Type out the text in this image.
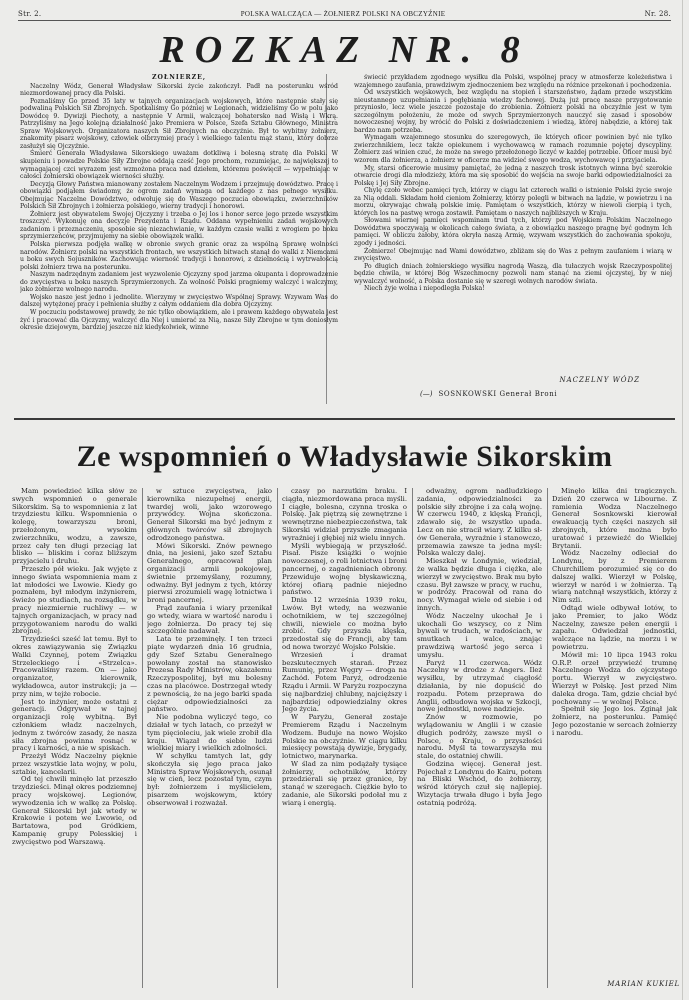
Str. 2.	POLSKA WALCZĄCA — ŻOŁNIERZ POLSKI NA OBCZYŹNIE	Nr. 28.
ROZKAZ NR. 8

ŻOŁNIERZE,

Naczelny Wódz, Generał Władysław Sikorski życie zakończył. Padł na posterunku wśród niezmordowanej pracy dla Polski.

Poznaliśmy Go przed 35 laty w tajnych organizacjach wojskowych, które następnie stały się podwaliną Polskich Sił Zbrojnych. Spotkaliśmy Go później w Legionach, widzieliśmy Go w polu jako Dowódcę 9. Dywizji Piechoty, a następnie V Armii, walczącej bohatersko nad Wisłą i Wkrą. Patrzyliśmy na Jego kolejną działalność jako Premiera w Polsce, Szefa Sztabu Głównego, Ministra Spraw Wojskowych. Organizatora naszych Sił Zbrojnych na obczyźnie. Był to wybitny żołnierz, znakomity pisarz wojskowy, człowiek olbrzymiej pracy i wielkiego talentu mąż stanu, który dobrze zasłużył się Ojczyźnie.

Śmierć Generała Władysława Sikorskiego uważam dotkliwą i bolesną stratę dla Polski. W skupieniu i powadze Polskie Siły Zbrojne oddają cześć Jego prochom, rozumiejąc, że największej to wymagającej czci wyrazem jest wzmożona praca nad dziełem, któremu poświęcił — wypełniając w całości żołnierski obowiązek wierności służby.

Decyzją Głowy Państwa mianowany zostałem Naczelnym Wodzem i przejmuję dowództwo. Pracę i obowiązki podjąłem świadomy, że ogrom zadań wymaga od każdego z nas pełnego wysiłku. Obejmując Naczelne Dowództwo, odwołuję się do Waszego poczucia obowiązku, zwierzchników Polskich Sił Zbrojnych i żołnierza polskiego, wierny tradycji i honorowi.

Żołnierz jest obywatelem Swojej Ojczyzny i trzeba o Jej los i honor serce jego przede wszystkim troszczyć. Wykonuję ona decyzje Prezydenta i Rządu. Oddana wypełnieniu zadań wojskowych zadaniom i przeznaczeniu, sposobie się niezachwianie, w każdym czasie walki z wrogiem po boku sprzymierzeńców, przyjmujemy na siebie obowiązek walki.

Polska pierwsza podjęła walkę w obronie swych granic oraz za wspólną Sprawę wolności narodów. Żołnierz polski na wszystkich frontach, we wszystkich bitwach stanął do walki z Niemcami u boku swych Sojuszników. Zachowując wierność tradycji i honorowi, z dzielnością i wytrwałością polski żołnierz trwa na posterunku.

Naszym nadrzędnym zadaniem jest wyzwolenie Ojczyzny spod jarzma okupanta i doprowadzenie do zwycięstwa u boku naszych Sprzymierzonych. Za wolność Polski pragniemy walczyć i walczymy, jako żołnierze wolnego narodu.

Wojsko nasze jest jedno i jednolite. Wierzymy w zwycięstwo Wspólnej Sprawy. Wzywam Was do dalszej wytężonej pracy i pełnienia służby z całym oddaniem dla dobra Ojczyzny.

W poczuciu podstawowej prawdy, że nic tylko obowiązkiem, ale i prawem każdego obywatela jest żyć i pracować dla Ojczyzny, walczyć dla Niej i umierać za Nią, nasze Siły Zbrojne w tym doniosłym okresie dziejowym, bardziej jeszcze niż kiedykolwiek, winne

świecić przykładem zgodnego wysiłku dla Polski, wspólnej pracy w atmosferze koleżeństwa i wzajemnego zaufania, prawdziwym zjednoczeniem bez względu na różnice przekonań i pochodzenia.

Od wszystkich wojskowych, bez względu na stopień i starszeństwo, żądam przede wszystkim nieustannego uzupełniania i pogłębiania wiedzy fachowej. Dużą już pracę nasze przygotowanie przyniosło, lecz wiele jeszcze pozostaje do zrobienia. Żołnierz polski na obczyźnie jest w tym szczególnym położeniu, że może od swych Sprzymierzonych nauczyć się zasad i sposobów nowoczesnej wojny, by wrócić do Polski z doświadczeniem i wiedzą, której nabędzie, a której tak bardzo nam potrzeba.

Wymagam wzajemnego stosunku do szeregowych, ile których oficer powinien być nie tylko zwierzchnikiem, lecz także opiekunem i wychowawcą w ramach rozumnie pojętej dyscypliny. Żołnierz zaś winien czuć, że może na swego przełożonego liczyć w każdej potrzebie. Oficer musi być wzorem dla żołnierza, a żołnierz w oficerze ma widzieć swego wodza, wychowawcę i przyjaciela.

My, starsi oficerowie musimy pamiętać, że jedną z naszych trosk istotnych winna być szerokie otwarcie drogi dla młodzieży, która ma się sposobić do wejścia na swoje barki odpowiedzialności za Polskę i Jej Siły Zbrojne.

Chylę czoło wobec pamięci tych, którzy w ciągu lat czterech walki o istnienie Polski życie swoje za Nią oddali. Składam hołd cieniom Żołnierzy, którzy polegli w bitwach na lądzie, w powietrzu i na morzu, okrywając chwałą polskie imię. Pamiętam o wszystkich, którzy w niewoli cierpią i tych, których los na pastwę wroga zostawił. Pamiętam o naszych najbliższych w Kraju.

Słowami wiernej pamięci wspominam trud tych, którzy pod Wojskiem Polskim Naczelnego Dowództwa spoczywają w okolicach całego świata, a z obowiązku naszego pragnę być godnym Ich pamięci. W obliczu żałoby, która okryła naszą Armię, wzywam wszystkich do zachowania spokoju, zgody i jedności.

Żołnierze! Obejmując nad Wami dowództwo, zbliżam się do Was z pełnym zaufaniem i wiarą w zwycięstwo.

Po długich dniach żołnierskiego wysiłku nagrodą Waszą, dla tułaczych wojsk Rzeczypospolitej będzie chwila, w której Bóg Wszechmocny pozwoli nam stanąć na ziemi ojczystej, by w niej wywalczyć wolność, a Polska dostanie się w szeregi wolnych narodów świata.

Niech żyje wolna i niepodległa Polska!

NACZELNY WÓDZ
(—) SOSNKOWSKI Generał Broni
Ze wspomnień o Władysławie Sikorskim

Mam powiedzieć kilka słów ze swych wspomnień o generale Sikorskim. Są to wspomnienia z lat trzydziestu kilku. Wspomnienia o kolegę, towarzyszu broni, przełożonym, wysokim zwierzchniku, wodzu, a zawsze, przez cały ten długi przeciąg lat blisko — bliskim i coraz bliższym przyjacielu i druhu.

Przeszło pół wieku. Jak wyjęte z innego świata wspomnienia mam z lat młodości we Lwowie. Kiedy go poznałem, był młodym inżynierem, świeżo po studiach, na rozsądku, w pracy niezmiernie ruchliwy — w tajnych organizacjach, w pracy nad przygotowaniem narodu do walki zbrojnej.

Trzydzieści sześć lat temu. Był to okres zawiązywania się Związku Walki Czynnej, potem Związku Strzeleckiego i «Strzelca». Pracowaliśmy razem. On — jako organizator, kierownik, wykładowca, autor instrukcji; ja — przy nim, w tejże robocie.

Jest to inżynier, może ostatni z generacji. Odgrywał w tajnej organizacji rolę wybitną. Był członkiem władz naczelnych, jednym z twórców zasady, że nasza siła zbrojna powinna rosnąć w pracy i karności, a nie w spiskach.

Przeżył Wódz Naczelny pięknie przez wszystkie lata wojny, w polu, sztabie, kancelarii.

Od tej chwili minęło lat przeszło trzydzieści. Minął okres podziemnej pracy wojskowej. Legionów, wywodzenia ich w walkę za Polskę. Generał Sikorski był jak wtedy w Krakowie i potem we Lwowie, od Bartatowa, pod Gródkiem, Kampanię grupy Polesskiej i zwycięstwo pod Warszawą.

w sztuce zwycięstwa, jako kierownika niezupełnej energii, twardej woli, jako wzorowego przywódcy. Wojna skończona. Generał Sikorski ma być jednym z głównych twórców sił zbrojnych odrodzonego państwa.

Mówi Sikorski. Znów pewnego dnia, na jesieni, jako szef Sztabu Generalnego, opracował plan organizacji armii pokojowej, świetnie przemyślany, rozumny, odważny. Był jednym z tych, którzy pierwsi zrozumieli wagę lotnictwa i broni pancernej.

Prąd zaufania i wiary przenikał go wtedy, wiara w wartość narodu i jego żołnierza. Do pracy tej się szczególnie nadawał.

Lata te przeminęły. I ten trzeci piąte wydarzeń dnia 16 grudnia, gdy Szef Sztabu Generalnego powołany został na stanowisko Prezesa Rady Ministrów, okazałemu Rzeczypospolitej, był mu bolesny czas na placówce. Dostrzegał wtedy z pewnością, że na jego barki spada ciężar odpowiedzialności za państwo.

Nie podobna wyliczyć tego, co działał w tych latach, co przeżył w tym pięcioleciu, jak wiele zrobił dla kraju. Wiązał do siebie ludzi wielkiej miary i wielkich zdolności.

W schyłku tamtych lat, gdy skończyła się jego praca jako Ministra Spraw Wojskowych, osunął się w cień, lecz pozostał tym, czym był: żołnierzem i myślicielem, pisarzem wojskowym, który obserwował i rozważał.

czasy po narzutkim braku. I ciągła, niezmordowana praca myśli. I ciągłe, bolesna, czynna troska o Polskę. Jak piętrzą się zewnętrzne i wewnętrzne niebezpieczeństwa, tak Sikorski widział przyszłe zmagania wyraźniej i głębiej niż wielu innych.

Myśli wybiegają w przyszłość. Pisał. Pisze książki o wojnie nowoczesnej, o roli lotnictwa i broni pancernej, o zagadnieniach obrony. Przewiduje wojnę błyskawiczną, której ofiarą padnie niejedno państwo.

Dnia 12 września 1939 roku, Lwów. Był wtedy, na wezwanie ochotnikiem, w tej szczególnej chwili, niewiele co można było zrobić. Gdy przyszła klęska, przedostał się do Francji, aby tam od nowa tworzyć Wojsko Polskie.

Wrzesień i dramat bezskutecznych starań. Przez Rumunię, przez Węgry — droga na Zachód. Potem Paryż, odrodzenie Rządu i Armii. W Paryżu rozpoczyna się najbardziej chlubny, najcięższy i najbardziej odpowiedzialny okres Jego życia.

W Paryżu, Generał zostaje Premierem Rządu i Naczelnym Wodzem. Buduje na nowo Wojsko Polskie na obczyźnie. W ciągu kilku miesięcy powstają dywizje, brygady, lotnictwo, marynarka.

W ślad za nim podążały tysiące żołnierzy, ochotników, którzy przedzierali się przez granice, by stanąć w szeregach. Ciężkie było to zadanie, ale Sikorski podołał mu z wiarą i energią.

odważny, ogrom nadludzkiego zadania, odpowiedzialności za polskie siły zbrojne i za całą wojnę. W czerwcu 1940, z klęską Francji, zdawało się, że wszystko upada. Lecz on nie stracił wiary. Z kilku słów Generała, wyraźnie i stanowczo, przemawia zawsze ta jedna myśl: Polska walczy dalej.

Mieszkał w Londynie, wiedział, że walka będzie długa i ciężka, ale wierzył w zwycięstwo. Brak mu było czasu. Był zawsze w pracy, w ruchu, w podróży. Pracował od rana do nocy. Wymagał wiele od siebie i od innych.

Wódz Naczelny ukochał Je i ukochali Go wszyscy, co z Nim bywali w trudach, w radościach, w smutkach i walce, znając prawdziwą wartość jego serca i umysłu.

Paryż 11 czerwca. Wódz Naczelny w drodze z Angers. Ileż wysiłku, by utrzymać ciągłość działania, by nie dopuścić do rozpadu. Potem przeprawa do Anglii, odbudowa wojska w Szkocji, nowe jednostki, nowe nadzieje.

Znów w rozmowie, po wylądowaniu w Anglii i w czasie długich podróży, zawsze myśl o Polsce, o Kraju, o przyszłości narodu. Myśl ta towarzyszyła mu stale, do ostatniej chwili.

Godzina więcej. Generał jest. Pojechał z Londynu do Kairu, potem na Bliski Wschód, do żołnierzy, wśród których czuł się najlepiej. Wizytacja trwała długo i była Jego ostatnią podróżą.

Minęło kilka dni tragicznych. Dzień 20 czerwca w Libourne. Z ramienia Wodza Naczelnego Generał Sosnkowski kierował ewakuacją tych części naszych sił zbrojnych, które można było uratować i przewieźć do Wielkiej Brytanii.

Wódz Naczelny odleciał do Londynu, by z Premierem Churchillem porozumieć się co do dalszej walki. Wierzył w Polskę, wierzył w naród i w żołnierza. Tą wiarą natchnął wszystkich, którzy z Nim szli.

Odtąd wiele odbywał lotów, to jako Premier, to jako Wódz Naczelny, zawsze pełen energii i zapału. Odwiedzał jednostki, walczące na lądzie, na morzu i w powietrzu.

Mówił mi: 10 lipca 1943 roku O.R.P. orzeł przywieźć trumnę Naczelnego Wodza do ojczystego portu. Wierzył w zwycięstwo. Wierzył w Polskę. Jest przed Nim daleka droga. Tam, gdzie chciał być pochowany — w wolnej Polsce.

Spełnił się Jego los. Zginął jak żołnierz, na posterunku. Pamięć Jego pozostanie w sercach żołnierzy i narodu.

MARIAN KUKIEL
